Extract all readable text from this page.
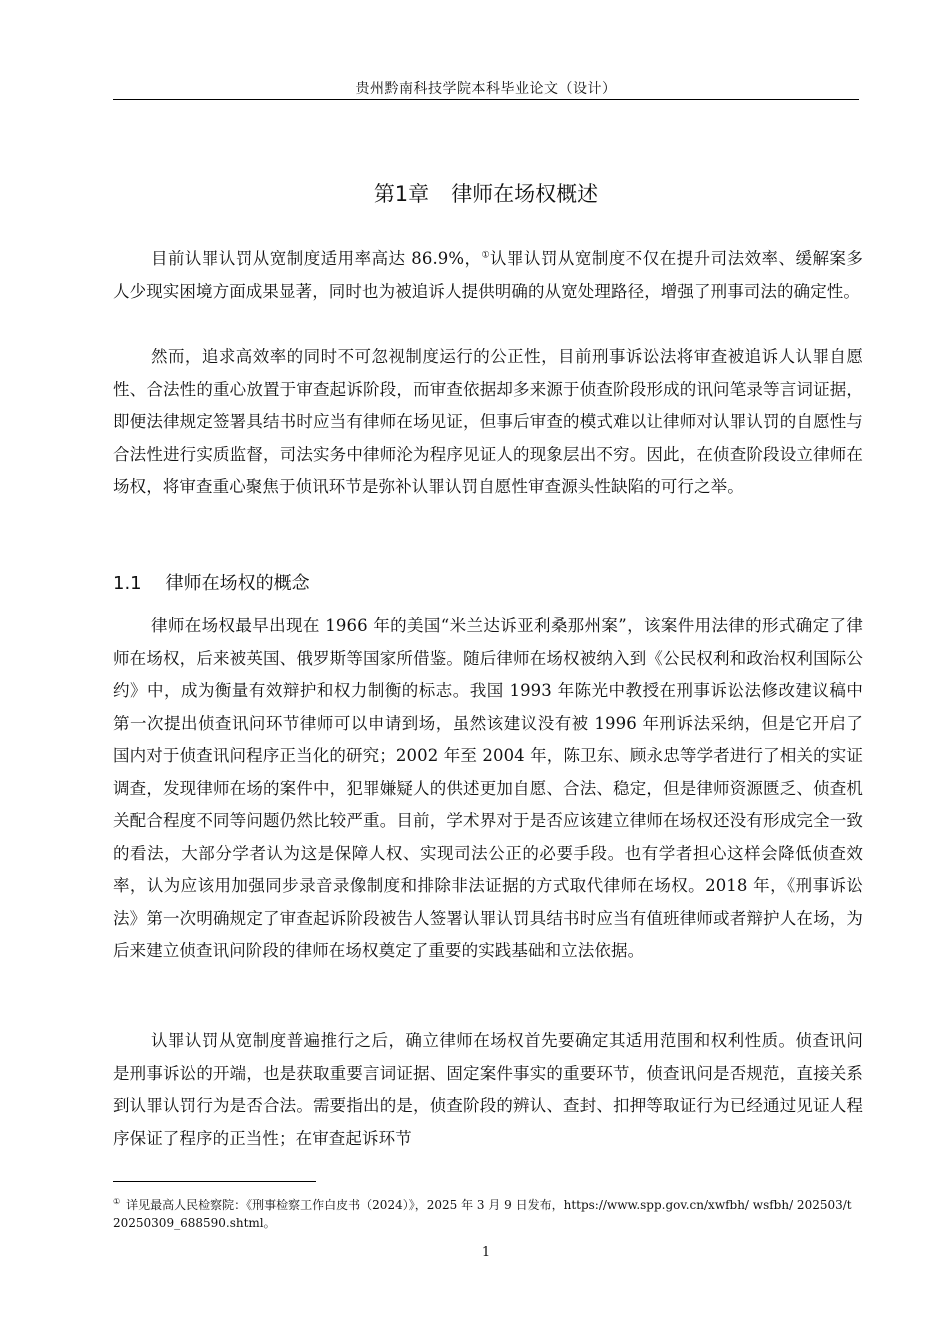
贵州黔南科技学院本科毕业论文（设计）
第1章 律师在场权概述

目前认罪认罚从宽制度适用率高达 86.9%，①认罪认罚从宽制度不仅在提升司法效率、缓解案多人少现实困境方面成果显著，同时也为被追诉人提供明确的从宽处理路径，增强了刑事司法的确定性。

然而，追求高效率的同时不可忽视制度运行的公正性，目前刑事诉讼法将审查被追诉人认罪自愿性、合法性的重心放置于审查起诉阶段，而审查依据却多来源于侦查阶段形成的讯问笔录等言词证据，即便法律规定签署具结书时应当有律师在场见证，但事后审查的模式难以让律师对认罪认罚的自愿性与合法性进行实质监督，司法实务中律师沦为程序见证人的现象层出不穷。因此，在侦查阶段设立律师在场权，将审查重心聚焦于侦讯环节是弥补认罪认罚自愿性审查源头性缺陷的可行之举。

1.1 律师在场权的概念

律师在场权最早出现在 1966 年的美国“米兰达诉亚利桑那州案”，该案件用法律的形式确定了律师在场权，后来被英国、俄罗斯等国家所借鉴。随后律师在场权被纳入到《公民权利和政治权利国际公约》中，成为衡量有效辩护和权力制衡的标志。我国 1993 年陈光中教授在刑事诉讼法修改建议稿中第一次提出侦查讯问环节律师可以申请到场，虽然该建议没有被 1996 年刑诉法采纳，但是它开启了国内对于侦查讯问程序正当化的研究；2002 年至 2004 年，陈卫东、顾永忠等学者进行了相关的实证调查，发现律师在场的案件中，犯罪嫌疑人的供述更加自愿、合法、稳定，但是律师资源匮乏、侦查机关配合程度不同等问题仍然比较严重。目前，学术界对于是否应该建立律师在场权还没有形成完全一致的看法，大部分学者认为这是保障人权、实现司法公正的必要手段。也有学者担心这样会降低侦查效率，认为应该用加强同步录音录像制度和排除非法证据的方式取代律师在场权。2018 年，《刑事诉讼法》第一次明确规定了审查起诉阶段被告人签署认罪认罚具结书时应当有值班律师或者辩护人在场，为后来建立侦查讯问阶段的律师在场权奠定了重要的实践基础和立法依据。

认罪认罚从宽制度普遍推行之后，确立律师在场权首先要确定其适用范围和权利性质。侦查讯问是刑事诉讼的开端，也是获取重要言词证据、固定案件事实的重要环节，侦查讯问是否规范，直接关系到认罪认罚行为是否合法。需要指出的是，侦查阶段的辨认、查封、扣押等取证行为已经通过见证人程序保证了程序的正当性；在审查起诉环节

① 详见最高人民检察院：《刑事检察工作白皮书（2024）》，2025 年 3 月 9 日发布，https://www.spp.gov.cn/xwfbh/ wsfbh/ 202503/t20250309_688590.shtml。
1
